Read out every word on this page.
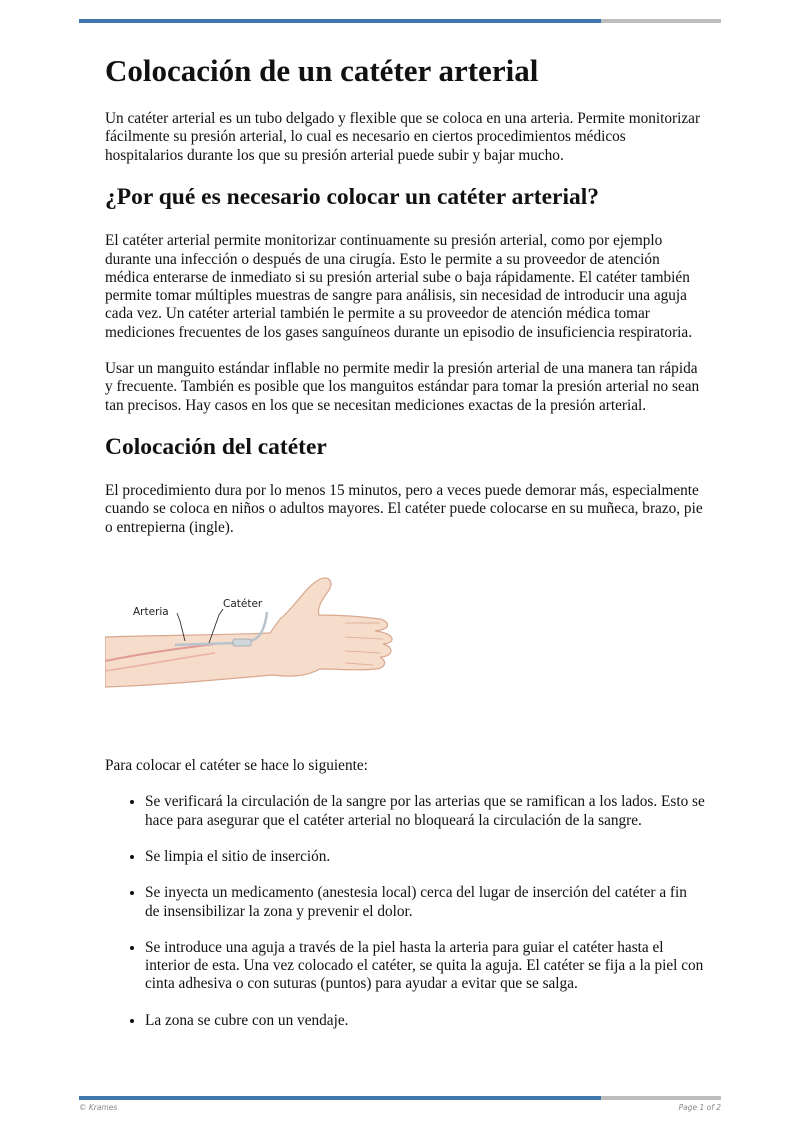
Colocación de un catéter arterial

Un catéter arterial es un tubo delgado y flexible que se coloca en una arteria. Permite monitorizar fácilmente su presión arterial, lo cual es necesario en ciertos procedimientos médicos hospitalarios durante los que su presión arterial puede subir y bajar mucho.

¿Por qué es necesario colocar un catéter arterial?

El catéter arterial permite monitorizar continuamente su presión arterial, como por ejemplo durante una infección o después de una cirugía. Esto le permite a su proveedor de atención médica enterarse de inmediato si su presión arterial sube o baja rápidamente. El catéter también permite tomar múltiples muestras de sangre para análisis, sin necesidad de introducir una aguja cada vez. Un catéter arterial también le permite a su proveedor de atención médica tomar mediciones frecuentes de los gases sanguíneos durante un episodio de insuficiencia respiratoria.

Usar un manguito estándar inflable no permite medir la presión arterial de una manera tan rápida y frecuente. También es posible que los manguitos estándar para tomar la presión arterial no sean tan precisos. Hay casos en los que se necesitan mediciones exactas de la presión arterial.

Colocación del catéter

El procedimiento dura por lo menos 15 minutos, pero a veces puede demorar más, especialmente cuando se coloca en niños o adultos mayores. El catéter puede colocarse en su muñeca, brazo, pie o entrepierna (ingle).

Arteria
Catéter

Para colocar el catéter se hace lo siguiente:

• Se verificará la circulación de la sangre por las arterias que se ramifican a los lados. Esto se hace para asegurar que el catéter arterial no bloqueará la circulación de la sangre.
• Se limpia el sitio de inserción.
• Se inyecta un medicamento (anestesia local) cerca del lugar de inserción del catéter a fin de insensibilizar la zona y prevenir el dolor.
• Se introduce una aguja a través de la piel hasta la arteria para guiar el catéter hasta el interior de esta. Una vez colocado el catéter, se quita la aguja. El catéter se fija a la piel con cinta adhesiva o con suturas (puntos) para ayudar a evitar que se salga.
• La zona se cubre con un vendaje.
© Krames	Page 1 of 2
